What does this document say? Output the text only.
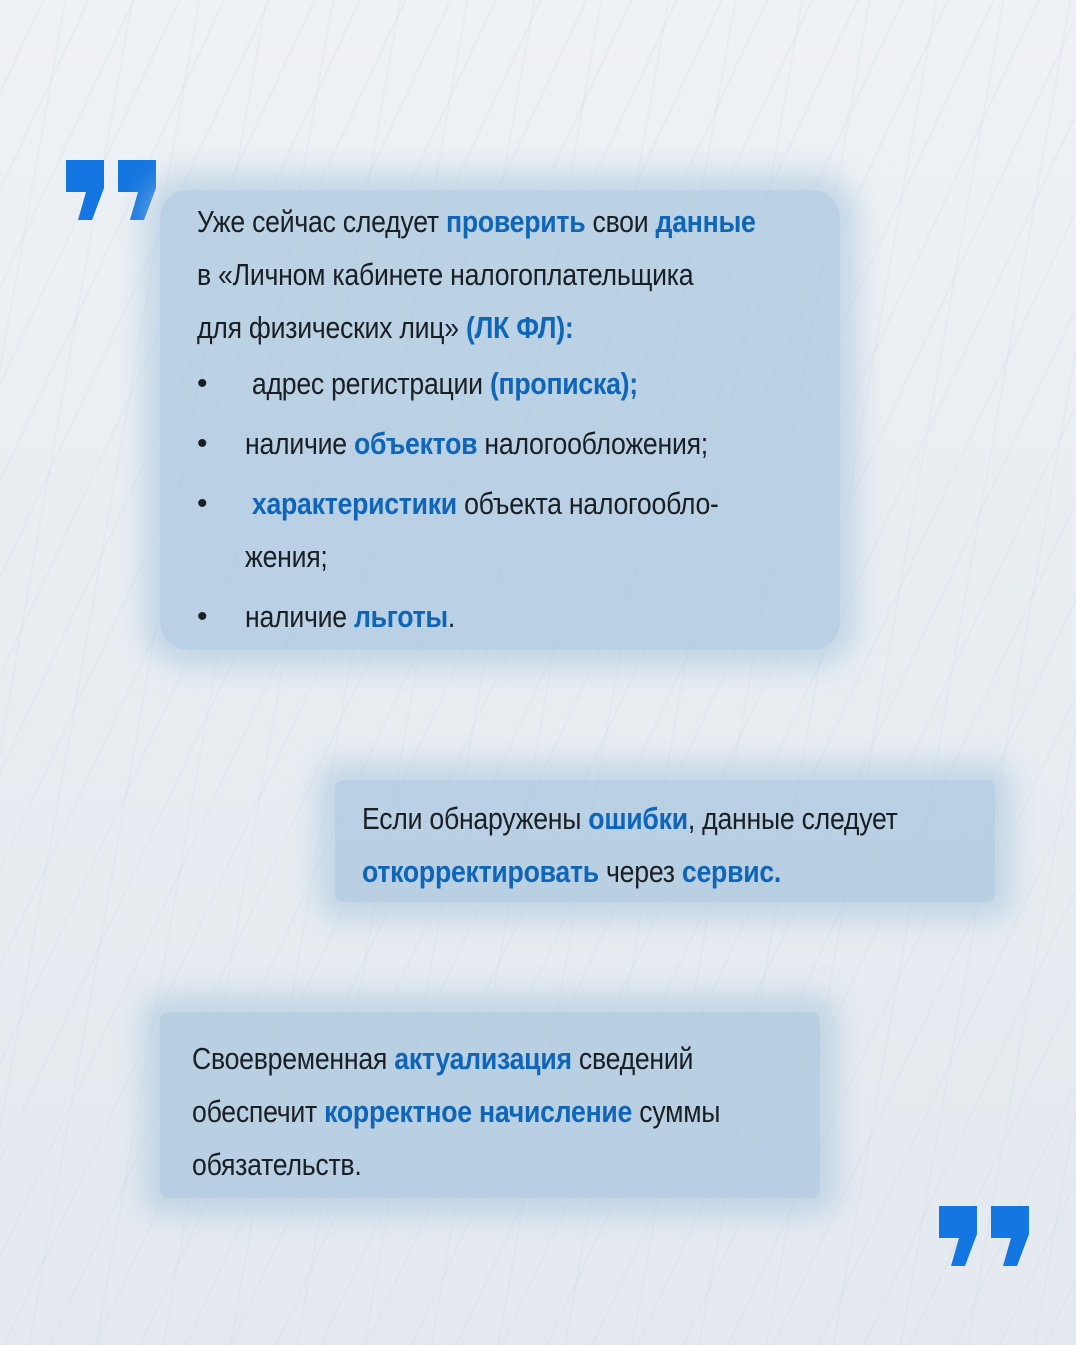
Уже сейчас следует проверить свои данные
в «Личном кабинете налогоплательщика
для физических лиц» (ЛК ФЛ):
• адрес регистрации (прописка);
• наличие объектов налогообложения;
• характеристики объекта налогообло-
жения;
• наличие льготы.
Если обнаружены ошибки, данные следует
откорректировать через сервис.
Своевременная актуализация сведений
обеспечит корректное начисление суммы
обязательств.
